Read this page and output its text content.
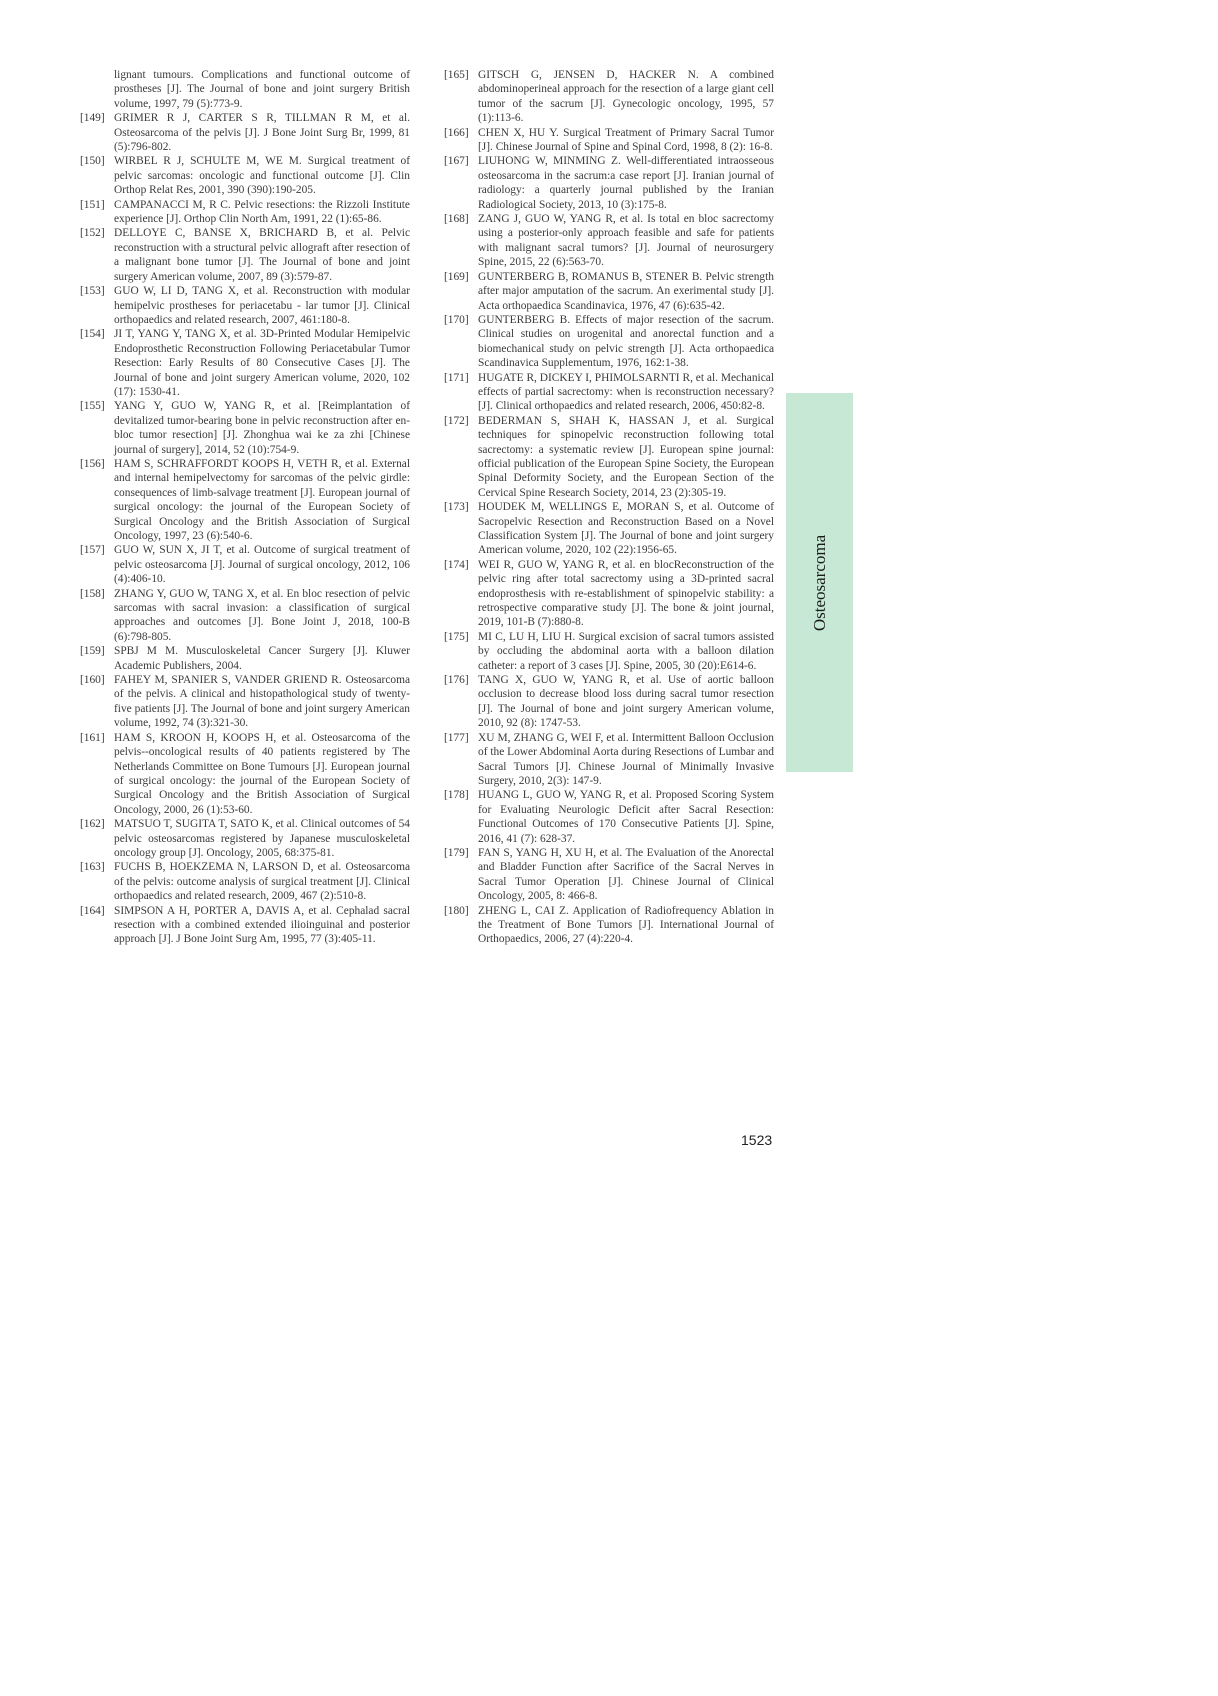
lignant tumours. Complications and functional outcome of prostheses [J]. The Journal of bone and joint surgery British volume, 1997, 79 (5):773-9.

[149] GRIMER R J, CARTER S R, TILLMAN R M, et al. Osteosarcoma of the pelvis [J]. J Bone Joint Surg Br, 1999, 81 (5):796-802.

[150] WIRBEL R J, SCHULTE M, WE M. Surgical treatment of pelvic sarcomas: oncologic and functional outcome [J]. Clin Orthop Relat Res, 2001, 390 (390):190-205.

[151] CAMPANACCI M, R C. Pelvic resections: the Rizzoli Institute experience [J]. Orthop Clin North Am, 1991, 22 (1):65-86.

[152] DELLOYE C, BANSE X, BRICHARD B, et al. Pelvic reconstruction with a structural pelvic allograft after resection of a malignant bone tumor [J]. The Journal of bone and joint surgery American volume, 2007, 89 (3):579-87.

[153] GUO W, LI D, TANG X, et al. Reconstruction with modular hemipelvic prostheses for periacetabu - lar tumor [J]. Clinical orthopaedics and related research, 2007, 461:180-8.

[154] JI T, YANG Y, TANG X, et al. 3D-Printed Modular Hemipelvic Endoprosthetic Reconstruction Following Periacetabular Tumor Resection: Early Results of 80 Consecutive Cases [J]. The Journal of bone and joint surgery American volume, 2020, 102 (17): 1530-41.

[155] YANG Y, GUO W, YANG R, et al. [Reimplantation of devitalized tumor-bearing bone in pelvic reconstruction after en-bloc tumor resection] [J]. Zhonghua wai ke za zhi [Chinese journal of surgery], 2014, 52 (10):754-9.

[156] HAM S, SCHRAFFORDT KOOPS H, VETH R, et al. External and internal hemipelvectomy for sarcomas of the pelvic girdle: consequences of limb-salvage treatment [J]. European journal of surgical oncology: the journal of the European Society of Surgical Oncology and the British Association of Surgical Oncology, 1997, 23 (6):540-6.

[157] GUO W, SUN X, JI T, et al. Outcome of surgical treatment of pelvic osteosarcoma [J]. Journal of surgical oncology, 2012, 106 (4):406-10.

[158] ZHANG Y, GUO W, TANG X, et al. En bloc resection of pelvic sarcomas with sacral invasion: a classification of surgical approaches and outcomes [J]. Bone Joint J, 2018, 100-B (6):798-805.

[159] SPBJ M M. Musculoskeletal Cancer Surgery [J]. Kluwer Academic Publishers, 2004.

[160] FAHEY M, SPANIER S, VANDER GRIEND R. Osteosarcoma of the pelvis. A clinical and histopathological study of twenty-five patients [J]. The Journal of bone and joint surgery American volume, 1992, 74 (3):321-30.

[161] HAM S, KROON H, KOOPS H, et al. Osteosarcoma of the pelvis--oncological results of 40 patients registered by The Netherlands Committee on Bone Tumours [J]. European journal of surgical oncology: the journal of the European Society of Surgical Oncology and the British Association of Surgical Oncology, 2000, 26 (1):53-60.

[162] MATSUO T, SUGITA T, SATO K, et al. Clinical outcomes of 54 pelvic osteosarcomas registered by Japanese musculoskeletal oncology group [J]. Oncology, 2005, 68:375-81.

[163] FUCHS B, HOEKZEMA N, LARSON D, et al. Osteosarcoma of the pelvis: outcome analysis of surgical treatment [J]. Clinical orthopaedics and related research, 2009, 467 (2):510-8.

[164] SIMPSON A H, PORTER A, DAVIS A, et al. Cephalad sacral resection with a combined extended ilioinguinal and posterior approach [J]. J Bone Joint Surg Am, 1995, 77 (3):405-11.

[165] GITSCH G, JENSEN D, HACKER N. A combined abdominoperineal approach for the resection of a large giant cell tumor of the sacrum [J]. Gynecologic oncology, 1995, 57 (1):113-6.

[166] CHEN X, HU Y. Surgical Treatment of Primary Sacral Tumor [J]. Chinese Journal of Spine and Spinal Cord, 1998, 8 (2): 16-8.

[167] LIUHONG W, MINMING Z. Well-differentiated intraosseous osteosarcoma in the sacrum:a case report [J]. Iranian journal of radiology: a quarterly journal published by the Iranian Radiological Society, 2013, 10 (3):175-8.

[168] ZANG J, GUO W, YANG R, et al. Is total en bloc sacrectomy using a posterior-only approach feasible and safe for patients with malignant sacral tumors? [J]. Journal of neurosurgery Spine, 2015, 22 (6):563-70.

[169] GUNTERBERG B, ROMANUS B, STENER B. Pelvic strength after major amputation of the sacrum. An exerimental study [J]. Acta orthopaedica Scandinavica, 1976, 47 (6):635-42.

[170] GUNTERBERG B. Effects of major resection of the sacrum. Clinical studies on urogenital and anorectal function and a biomechanical study on pelvic strength [J]. Acta orthopaedica Scandinavica Supplementum, 1976, 162:1-38.

[171] HUGATE R, DICKEY I, PHIMOLSARNTI R, et al. Mechanical effects of partial sacrectomy: when is reconstruction necessary? [J]. Clinical orthopaedics and related research, 2006, 450:82-8.

[172] BEDERMAN S, SHAH K, HASSAN J, et al. Surgical techniques for spinopelvic reconstruction following total sacrectomy: a systematic review [J]. European spine journal: official publication of the European Spine Society, the European Spinal Deformity Society, and the European Section of the Cervical Spine Research Society, 2014, 23 (2):305-19.

[173] HOUDEK M, WELLINGS E, MORAN S, et al. Outcome of Sacropelvic Resection and Reconstruction Based on a Novel Classification System [J]. The Journal of bone and joint surgery American volume, 2020, 102 (22):1956-65.

[174] WEI R, GUO W, YANG R, et al. en blocReconstruction of the pelvic ring after total sacrectomy using a 3D-printed sacral endoprosthesis with re-establishment of spinopelvic stability: a retrospective comparative study [J]. The bone & joint journal, 2019, 101-B (7):880-8.

[175] MI C, LU H, LIU H. Surgical excision of sacral tumors assisted by occluding the abdominal aorta with a balloon dilation catheter: a report of 3 cases [J]. Spine, 2005, 30 (20):E614-6.

[176] TANG X, GUO W, YANG R, et al. Use of aortic balloon occlusion to decrease blood loss during sacral tumor resection [J]. The Journal of bone and joint surgery American volume, 2010, 92 (8): 1747-53.

[177] XU M, ZHANG G, WEI F, et al. Intermittent Balloon Occlusion of the Lower Abdominal Aorta during Resections of Lumbar and Sacral Tumors [J]. Chinese Journal of Minimally Invasive Surgery, 2010, 2(3): 147-9.

[178] HUANG L, GUO W, YANG R, et al. Proposed Scoring System for Evaluating Neurologic Deficit after Sacral Resection: Functional Outcomes of 170 Consecutive Patients [J]. Spine, 2016, 41 (7): 628-37.

[179] FAN S, YANG H, XU H, et al. The Evaluation of the Anorectal and Bladder Function after Sacrifice of the Sacral Nerves in Sacral Tumor Operation [J]. Chinese Journal of Clinical Oncology, 2005, 8: 466-8.

[180] ZHENG L, CAI Z. Application of Radiofrequency Ablation in the Treatment of Bone Tumors [J]. International Journal of Orthopaedics, 2006, 27 (4):220-4.

Osteosarcoma
1523
